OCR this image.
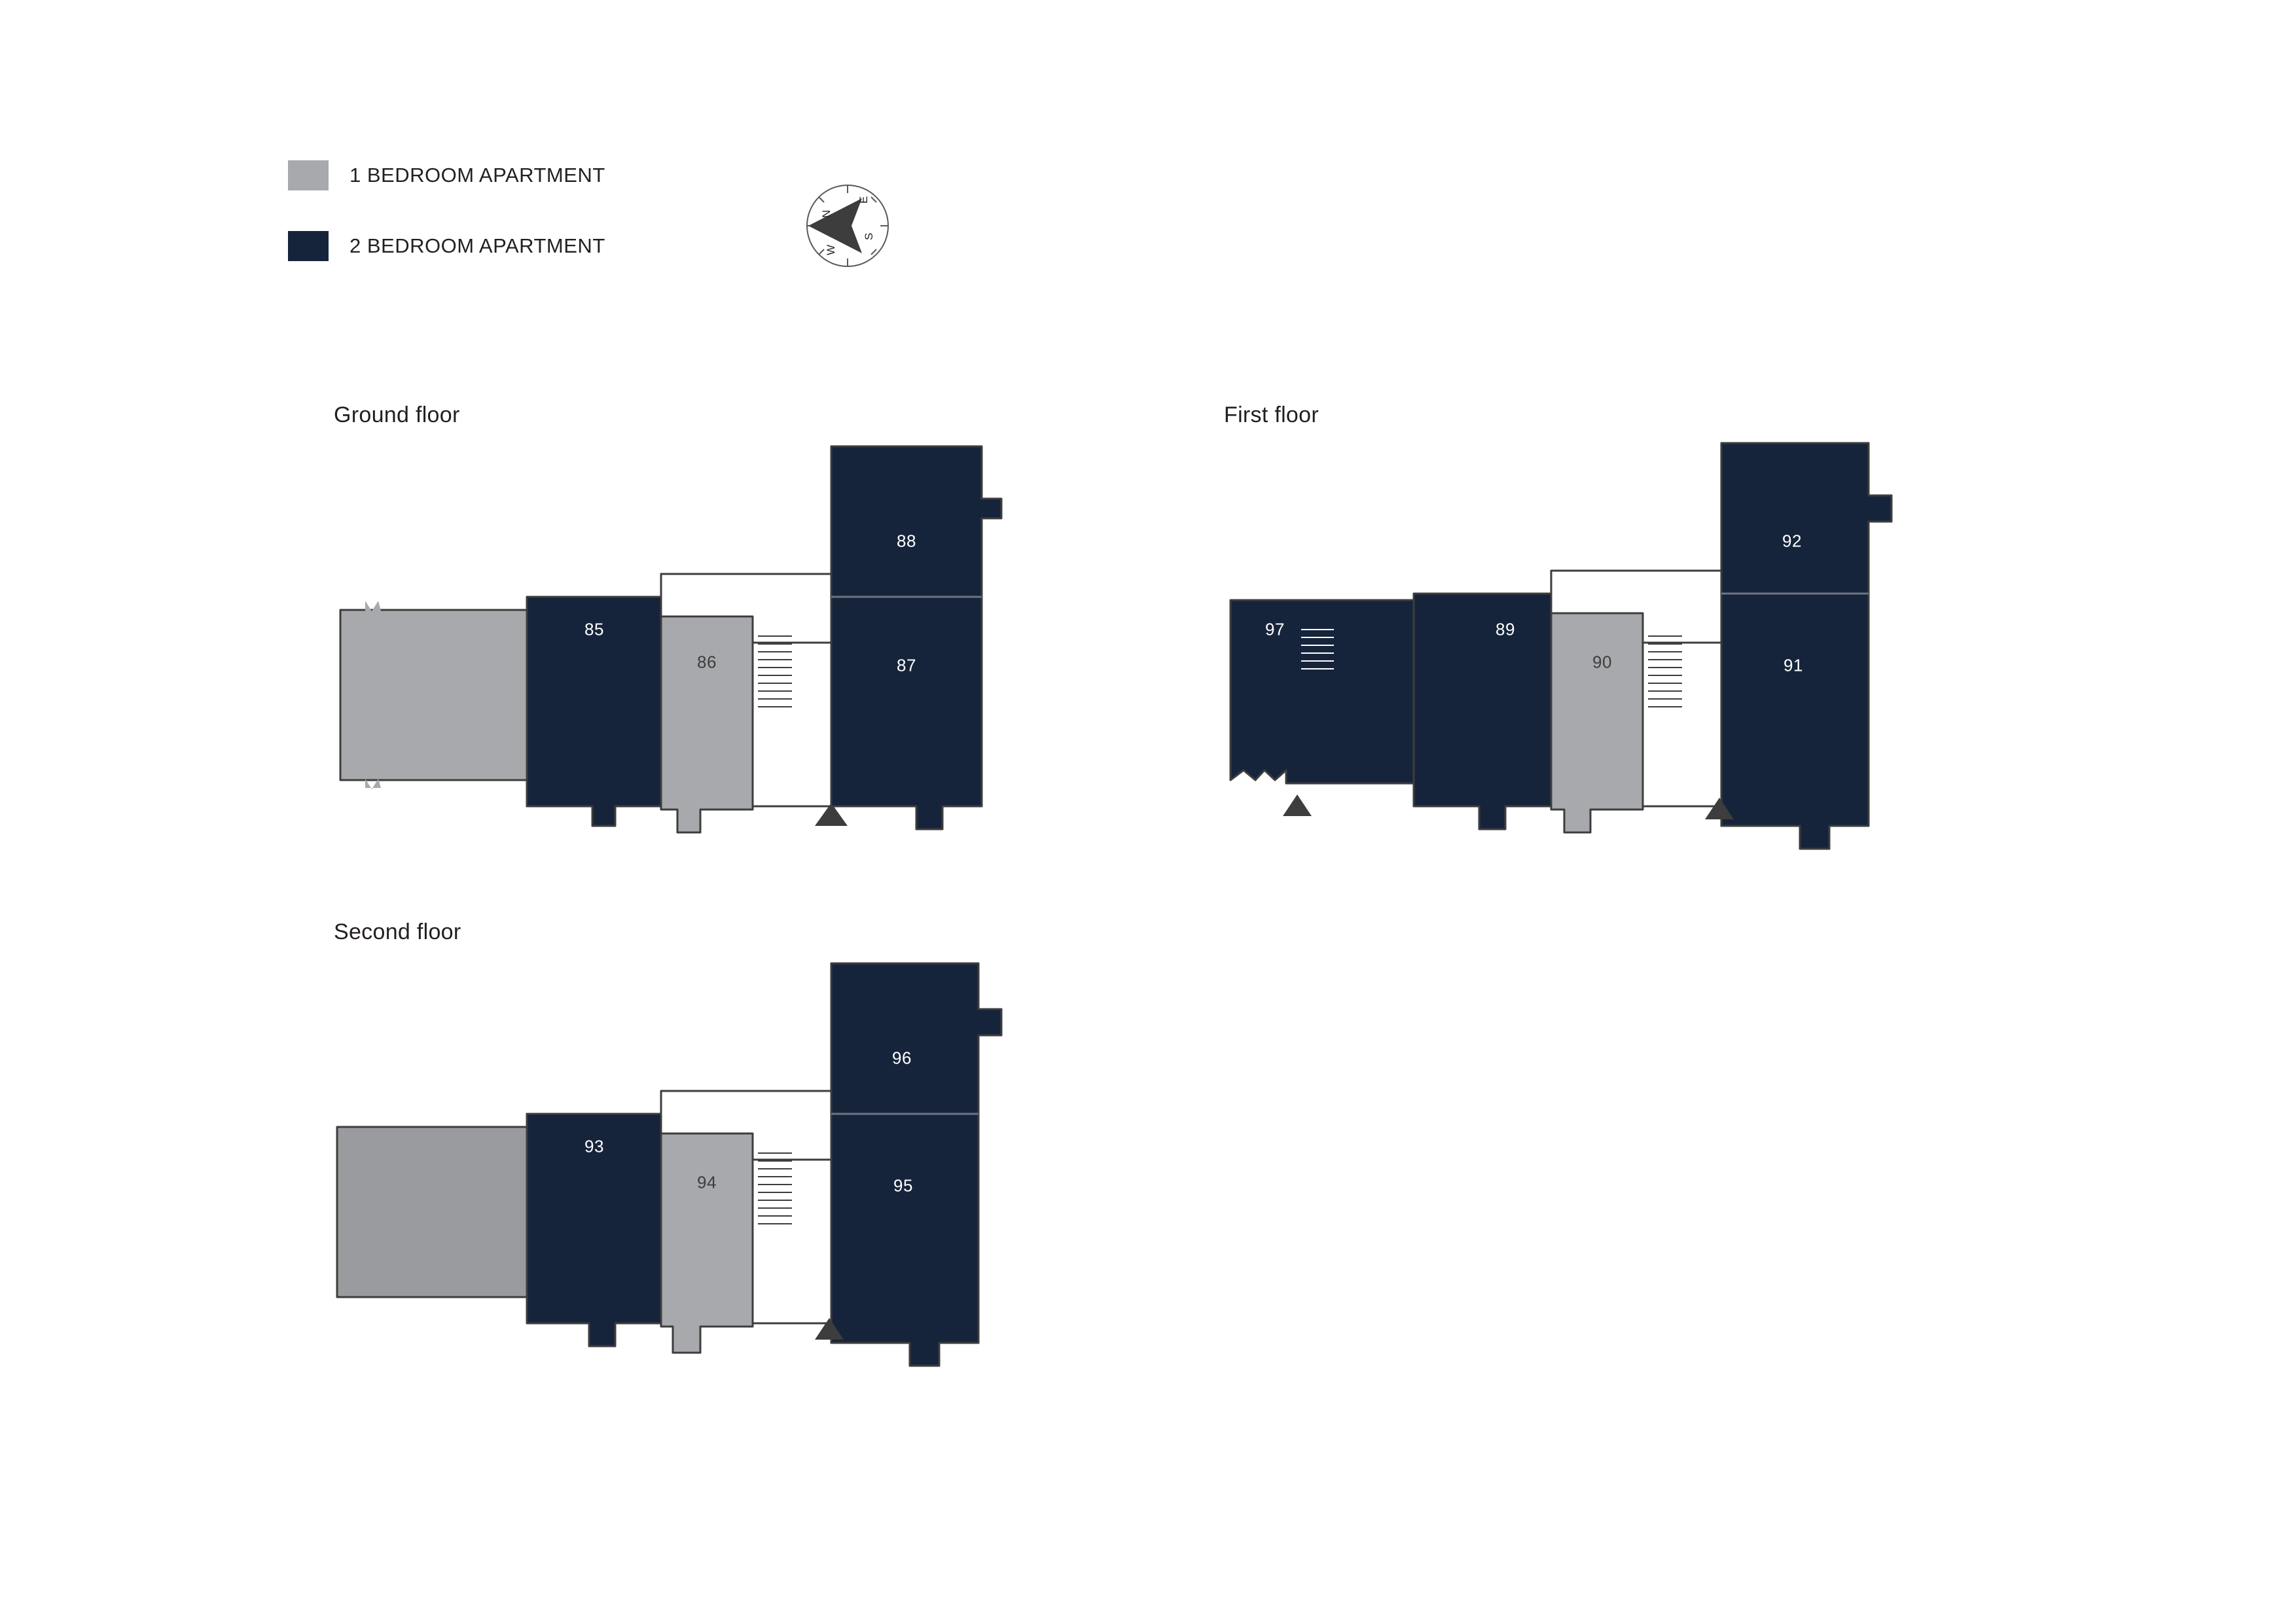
1 BEDROOM APARTMENT
2 BEDROOM APARTMENT
N
E
S
W
Ground floor
85
86	87
88
First floor
97	89
90	91
92
Second floor
93
94	95
96
